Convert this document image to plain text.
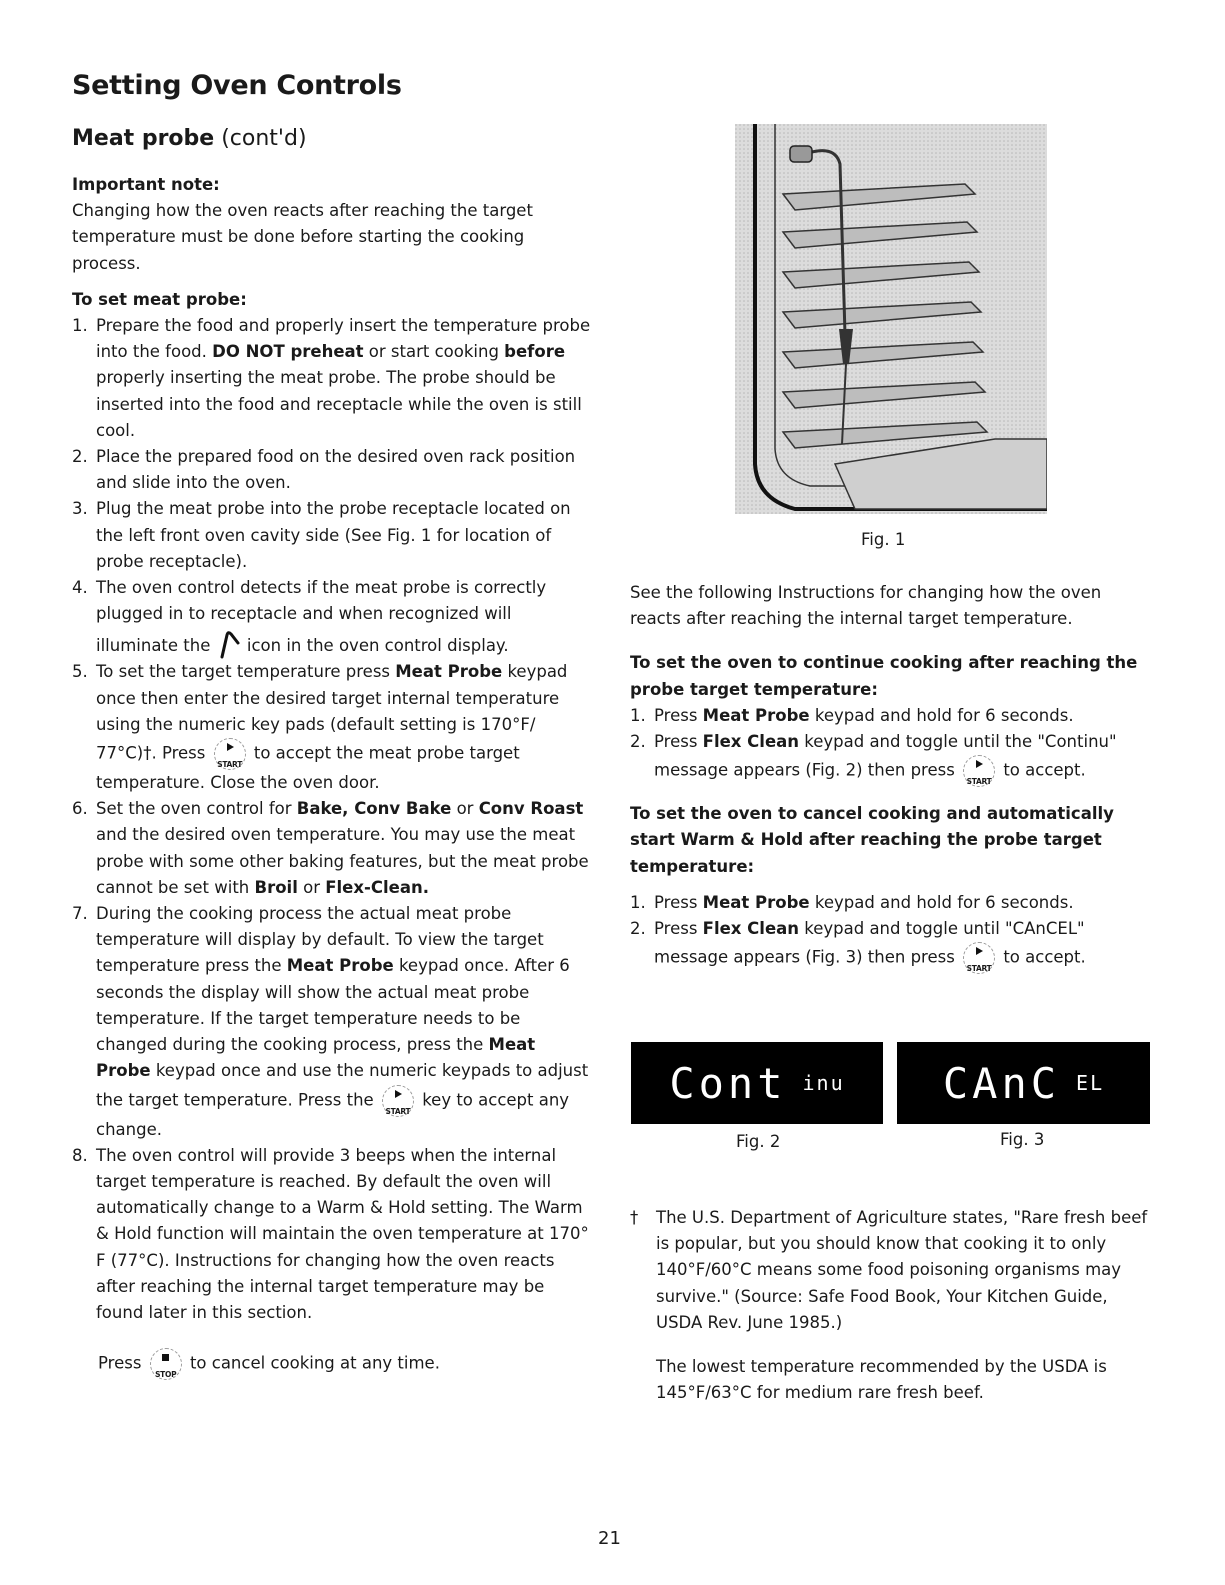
Setting Oven Controls
Meat probe (cont'd)
Important note:
Changing how the oven reacts after reaching the target temperature must be done before starting the cooking process.
To set meat probe:
1. Prepare the food and properly insert the temperature probe into the food. DO NOT preheat or start cooking before properly inserting the meat probe. The probe should be inserted into the food and receptacle while the oven is still cool.
2. Place the prepared food on the desired oven rack position and slide into the oven.
3. Plug the meat probe into the probe receptacle located on the left front oven cavity side (See Fig. 1 for location of probe receptacle).
4. The oven control detects if the meat probe is correctly plugged in to receptacle and when recognized will illuminate the icon in the oven control display.
5. To set the target temperature press Meat Probe keypad once then enter the desired target internal temperature using the numeric key pads (default setting is 170°F/ 77°C)†. Press
START
to accept the meat probe target temperature. Close the oven door.
6. Set the oven control for Bake, Conv Bake or Conv Roast and the desired oven temperature. You may use the meat probe with some other baking features, but the meat probe cannot be set with Broil or Flex-Clean.
7. During the cooking process the actual meat probe temperature will display by default. To view the target temperature press the Meat Probe keypad once. After 6 seconds the display will show the actual meat probe temperature. If the target temperature needs to be changed during the cooking process, press the Meat Probe keypad once and use the numeric keypads to adjust the target temperature. Press the
START
key to accept any change.
8. The oven control will provide 3 beeps when the internal target temperature is reached. By default the oven will automatically change to a Warm & Hold setting. The Warm & Hold function will maintain the oven temperature at 170° F (77°C). Instructions for changing how the oven reacts after reaching the internal target temperature may be found later in this section.
Press
STOP
to cancel cooking at any time.
Fig. 1
See the following Instructions for changing how the oven reacts after reaching the internal target temperature.
To set the oven to continue cooking after reaching the probe target temperature:
1. Press Meat Probe keypad and hold for 6 seconds.
2. Press Flex Clean keypad and toggle until the "Continu" message appears (Fig. 2) then press
START
to accept.
To set the oven to cancel cooking and automatically start Warm & Hold after reaching the probe target temperature:
1. Press Meat Probe keypad and hold for 6 seconds.
2. Press Flex Clean keypad and toggle until "CAnCEL" message appears (Fig. 3) then press
START
to accept.
Cont inu CAnC EL
Fig. 2	Fig. 3
†	The U.S. Department of Agriculture states, "Rare fresh beef is popular, but you should know that cooking it to only 140°F/60°C means some food poisoning organisms may survive." (Source: Safe Food Book, Your Kitchen Guide, USDA Rev. June 1985.)
The lowest temperature recommended by the USDA is 145°F/63°C for medium rare fresh beef.
21
